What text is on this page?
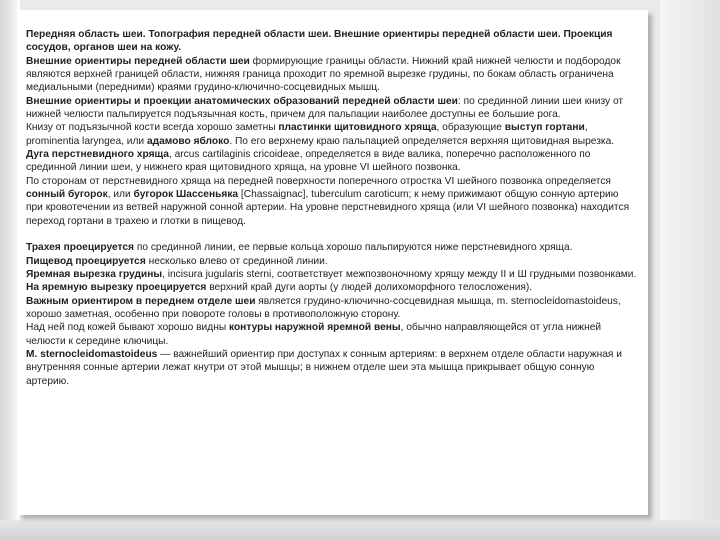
Передняя область шеи. Топография передней области шеи. Внешние ориентиры передней области шеи. Проекция сосудов, органов шеи на кожу.

Внешние ориентиры передней области шеи формирующие границы области. Нижний край нижней челюсти и подбородок являются верхней границей области, нижняя граница проходит по яремной вырезке грудины, по бокам область ограничена медиальными (передними) краями грудино-ключично-сосцевидных мышц.

Внешние ориентиры и проекции анатомических образований передней области шеи: по срединной линии шеи книзу от нижней челюсти пальпируется подъязычная кость, причем для пальпации наиболее доступны ее большие рога.

Книзу от подъязычной кости всегда хорошо заметны пластинки щитовидного хряща, образующие выступ гортани, prominentia laryngea, или адамово яблоко. По его верхнему краю пальпацией определяется верхняя щитовидная вырезка.

Дуга перстневидного хряща, arcus cartilaginis cricoideae, определяется в виде валика, поперечно расположенного по срединной линии шеи, у нижнего края щитовидного хряща, на уровне VI шейного позвонка.

По сторонам от перстневидного хряща на передней поверхности поперечного отростка VI шейного позвонка определяется сонный бугорок, или бугорок Шассеньяка [Chassaignac], tuberculum caroticum; к нему прижимают общую сонную артерию при кровотечении из ветвей наружной сонной артерии. На уровне перстневидного хряща (или VI шейного позвонка) находится переход гортани в трахею и глотки в пищевод.

Трахея проецируется по срединной линии, ее первые кольца хорошо пальпируются ниже перстневидного хряща.

Пищевод проецируется несколько влево от срединной линии.

Яремная вырезка грудины, incisura jugularis sterni, соответствует межпозвоночному хрящу между II и Ш грудными позвонками.

На яремную вырезку проецируется верхний край дуги аорты (у людей долихоморфного телосложения).

Важным ориентиром в переднем отделе шеи является грудино-ключично-сосцевидная мышца, m. sternocleidomastoideus, хорошо заметная, особенно при повороте головы в противоположную сторону.

Над ней под кожей бывают хорошо видны контуры наружной яремной вены, обычно направляющейся от угла нижней челюсти к середине ключицы.

M. sternocleidomastoideus — важнейший ориентир при доступах к сонным артериям: в верхнем отделе области наружная и внутренняя сонные артерии лежат кнутри от этой мышцы; в нижнем отделе шеи эта мышца прикрывает общую сонную артерию.
